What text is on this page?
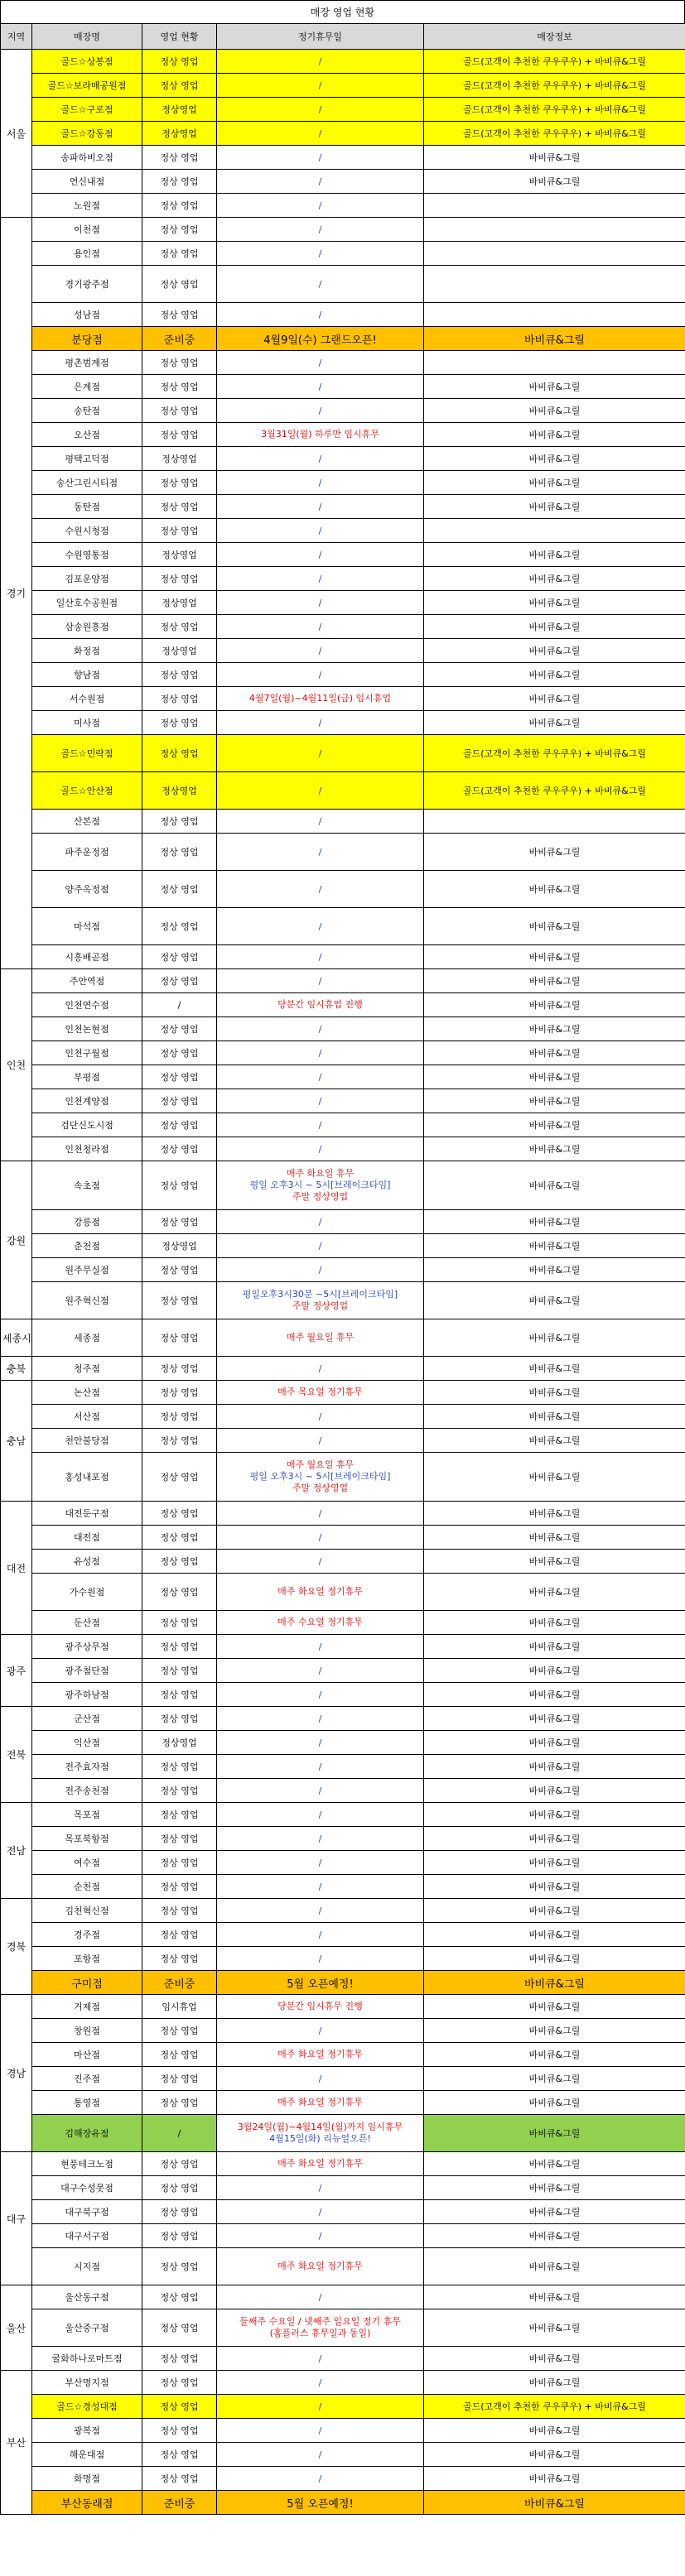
매장 영업 현황
지역	매장명	영업 현황	정기휴무일	매장정보
서울	골드☆상봉점	정상 영업	/	골드(고객이 추천한 쿠우쿠우) + 바비큐&그릴
	골드☆보라매공원점	정상 영업	/	골드(고객이 추천한 쿠우쿠우) + 바비큐&그릴
	골드☆구로점	정상영업	/	골드(고객이 추천한 쿠우쿠우) + 바비큐&그릴
	골드☆강동점	정상영업	/	골드(고객이 추천한 쿠우쿠우) + 바비큐&그릴
	송파하비오점	정상 영업	/	바비큐&그릴
	연신내점	정상 영업	/	바비큐&그릴
	노원점	정상 영업	/	
경기	이천점	정상 영업	/	
	용인점	정상 영업	/	
	경기광주점	정상 영업	/	
	성남점	정상 영업	/	
	분당점	준비중	4월9일(수) 그랜드오픈!	바비큐&그릴
	평촌범계점	정상 영업	/	
	은계점	정상 영업	/	바비큐&그릴
	송탄점	정상 영업	/	바비큐&그릴
	오산점	정상 영업	3월31일(월) 하루만 임시휴무	바비큐&그릴
	평택고덕점	정상영업	/	바비큐&그릴
	송산그린시티점	정상 영업	/	바비큐&그릴
	동탄점	정상 영업	/	바비큐&그릴
	수원시청점	정상 영업	/	
	수원영통점	정상영업	/	바비큐&그릴
	김포운양점	정상 영업	/	바비큐&그릴
	일산호수공원점	정상영업	/	바비큐&그릴
	삼송원흥점	정상 영업	/	바비큐&그릴
	화정점	정상영업	/	바비큐&그릴
	향남점	정상 영업	/	바비큐&그릴
	서수원점	정상 영업	4월7일(월)~4월11일(금) 임시휴업	바비큐&그릴
	미사점	정상 영업	/	바비큐&그릴
	골드☆민락점	정상 영업	/	골드(고객이 추천한 쿠우쿠우) + 바비큐&그릴
	골드☆안산점	정상영업	/	골드(고객이 추천한 쿠우쿠우) + 바비큐&그릴
	산본점	정상 영업	/	
	파주운정점	정상 영업	/	바비큐&그릴
	양주옥정점	정상 영업	/	바비큐&그릴
	마석점	정상 영업	/	바비큐&그릴
	시흥배곧점	정상 영업	/	바비큐&그릴
인천	주안역점	정상 영업	/	바비큐&그릴
	인천연수점	/	당분간 임시휴업 진행	바비큐&그릴
	인천논현점	정상 영업	/	바비큐&그릴
	인천구월점	정상 영업	/	바비큐&그릴
	부평점	정상 영업	/	바비큐&그릴
	인천계양점	정상 영업	/	바비큐&그릴
	검단신도시점	정상 영업	/	바비큐&그릴
	인천청라점	정상 영업	/	바비큐&그릴
강원	속초점	정상 영업	매주 화요일 휴무
평일 오후3시 ~ 5시[브레이크타임]
주말 정상영업	바비큐&그릴
	강릉점	정상 영업	/	바비큐&그릴
	춘천점	정상영업	/	바비큐&그릴
	원주무실점	정상 영업	/	바비큐&그릴
	원주혁신점	정상 영업	평일오후3시30분 ~5시[브레이크타임]
주말 정상영업	바비큐&그릴
세종시	세종점	정상 영업	매주 월요일 휴무	바비큐&그릴
충북	청주점	정상 영업	/	바비큐&그릴
충남	논산점	정상 영업	매주 목요일 정기휴무	바비큐&그릴
	서산점	정상 영업	/	바비큐&그릴
	천안불당점	정상 영업	/	바비큐&그릴
	홍성내포점	정상 영업	매주 월요일 휴무
평일 오후3시 ~ 5시[브레이크타임]
주말 정상영업	바비큐&그릴
대전	대전둔구점	정상 영업	/	바비큐&그릴
	대전점	정상 영업	/	바비큐&그릴
	유성점	정상 영업	/	바비큐&그릴
	가수원점	정상 영업	매주 화요일 정기휴무	바비큐&그릴
	둔산점	정상 영업	매주 수요일 정기휴무	바비큐&그릴
광주	광주상무점	정상 영업	/	바비큐&그릴
	광주첨단점	정상 영업	/	바비큐&그릴
	광주하남점	정상 영업	/	바비큐&그릴
전북	군산점	정상 영업	/	바비큐&그릴
	익산점	정상영업	/	바비큐&그릴
	전주효자점	정상 영업	/	바비큐&그릴
	전주송천점	정상 영업	/	바비큐&그릴
전남	목포점	정상 영업	/	바비큐&그릴
	목포북항점	정상 영업	/	바비큐&그릴
	여수점	정상 영업	/	바비큐&그릴
	순천점	정상 영업	/	바비큐&그릴
경북	김천혁신점	정상 영업	/	바비큐&그릴
	경주점	정상 영업	/	바비큐&그릴
	포항점	정상 영업	/	바비큐&그릴
	구미점	준비중	5월 오픈예정!	바비큐&그릴
경남	거제점	임시휴업	당분간 임시휴무 진행	바비큐&그릴
	창원점	정상 영업	/	바비큐&그릴
	마산점	정상 영업	매주 화요일 정기휴무	바비큐&그릴
	진주점	정상 영업	/	바비큐&그릴
	통영점	정상 영업	매주 화요일 정기휴무	바비큐&그릴
	김해장유점	/	3월24일(월)~4월14일(월)까지 임시휴무
4월15일(화) 리뉴얼오픈!	바비큐&그릴
대구	현풍테크노점	정상 영업	매주 화요일 정기휴무	바비큐&그릴
	대구수성못점	정상 영업	/	바비큐&그릴
	대구북구점	정상 영업	/	바비큐&그릴
	대구서구점	정상 영업	/	바비큐&그릴
	시지점	정상 영업	매주 화요일 정기휴무	바비큐&그릴
울산	울산동구점	정상 영업	/	바비큐&그릴
	울산중구점	정상 영업	둘째주 수요일 / 넷째주 일요일 정기 휴무
(홈플러스 휴무일과 동일)	바비큐&그릴
	굴화하나로마트점	정상 영업	/	바비큐&그릴
부산	부산명지점	정상 영업	/	바비큐&그릴
	골드☆경성대점	정상 영업	/	골드(고객이 추천한 쿠우쿠우) + 바비큐&그릴
	광복점	정상 영업	/	바비큐&그릴
	해운대점	정상 영업	/	바비큐&그릴
	화명점	정상 영업	/	바비큐&그릴
	부산동래점	준비중	5월 오픈예정!	바비큐&그릴
